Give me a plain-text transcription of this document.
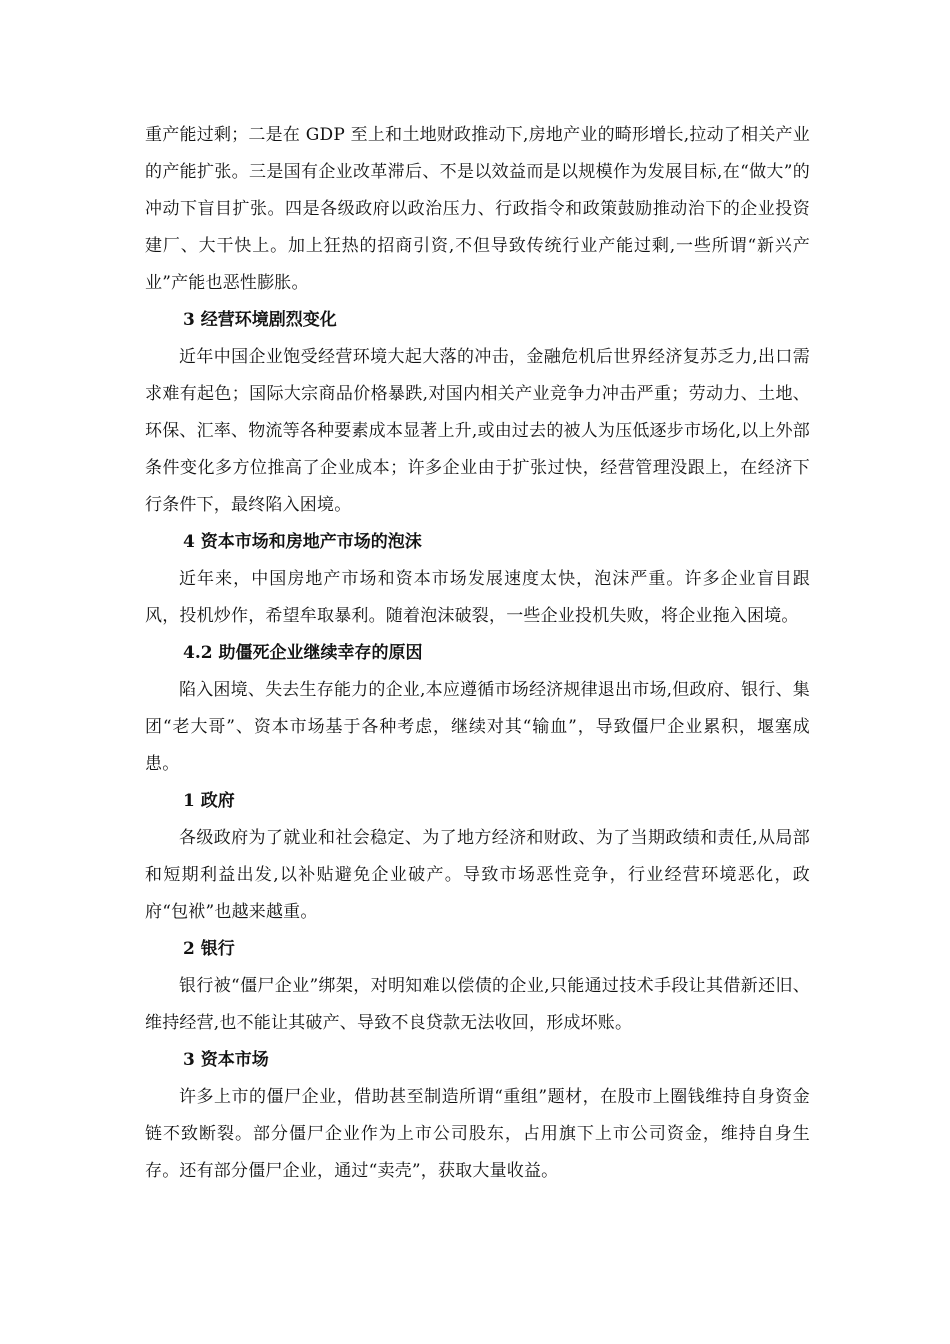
重产能过剩；二是在 GDP 至上和土地财政推动下,房地产业的畸形增长,拉动了相关产业的产能扩张。三是国有企业改革滞后、不是以效益而是以规模作为发展目标,在“做大”的冲动下盲目扩张。四是各级政府以政治压力、行政指令和政策鼓励推动治下的企业投资建厂、大干快上。加上狂热的招商引资,不但导致传统行业产能过剩,一些所谓“新兴产业”产能也恶性膨胀。

3 经营环境剧烈变化

近年中国企业饱受经营环境大起大落的冲击，金融危机后世界经济复苏乏力,出口需求难有起色；国际大宗商品价格暴跌,对国内相关产业竞争力冲击严重；劳动力、土地、环保、汇率、物流等各种要素成本显著上升,或由过去的被人为压低逐步市场化,以上外部条件变化多方位推高了企业成本；许多企业由于扩张过快，经营管理没跟上，在经济下行条件下，最终陷入困境。

4 资本市场和房地产市场的泡沫

近年来，中国房地产市场和资本市场发展速度太快，泡沫严重。许多企业盲目跟风，投机炒作，希望牟取暴利。随着泡沫破裂，一些企业投机失败，将企业拖入困境。

4.2 助僵死企业继续幸存的原因

陷入困境、失去生存能力的企业,本应遵循市场经济规律退出市场,但政府、银行、集团“老大哥”、资本市场基于各种考虑，继续对其“输血”，导致僵尸企业累积，堰塞成患。

1 政府

各级政府为了就业和社会稳定、为了地方经济和财政、为了当期政绩和责任,从局部和短期利益出发,以补贴避免企业破产。导致市场恶性竞争，行业经营环境恶化，政府“包袱”也越来越重。

2 银行

银行被“僵尸企业”绑架，对明知难以偿债的企业,只能通过技术手段让其借新还旧、维持经营,也不能让其破产、导致不良贷款无法收回，形成坏账。

3 资本市场

许多上市的僵尸企业，借助甚至制造所谓“重组”题材，在股市上圈钱维持自身资金链不致断裂。部分僵尸企业作为上市公司股东，占用旗下上市公司资金，维持自身生存。还有部分僵尸企业，通过“卖壳”，获取大量收益。
